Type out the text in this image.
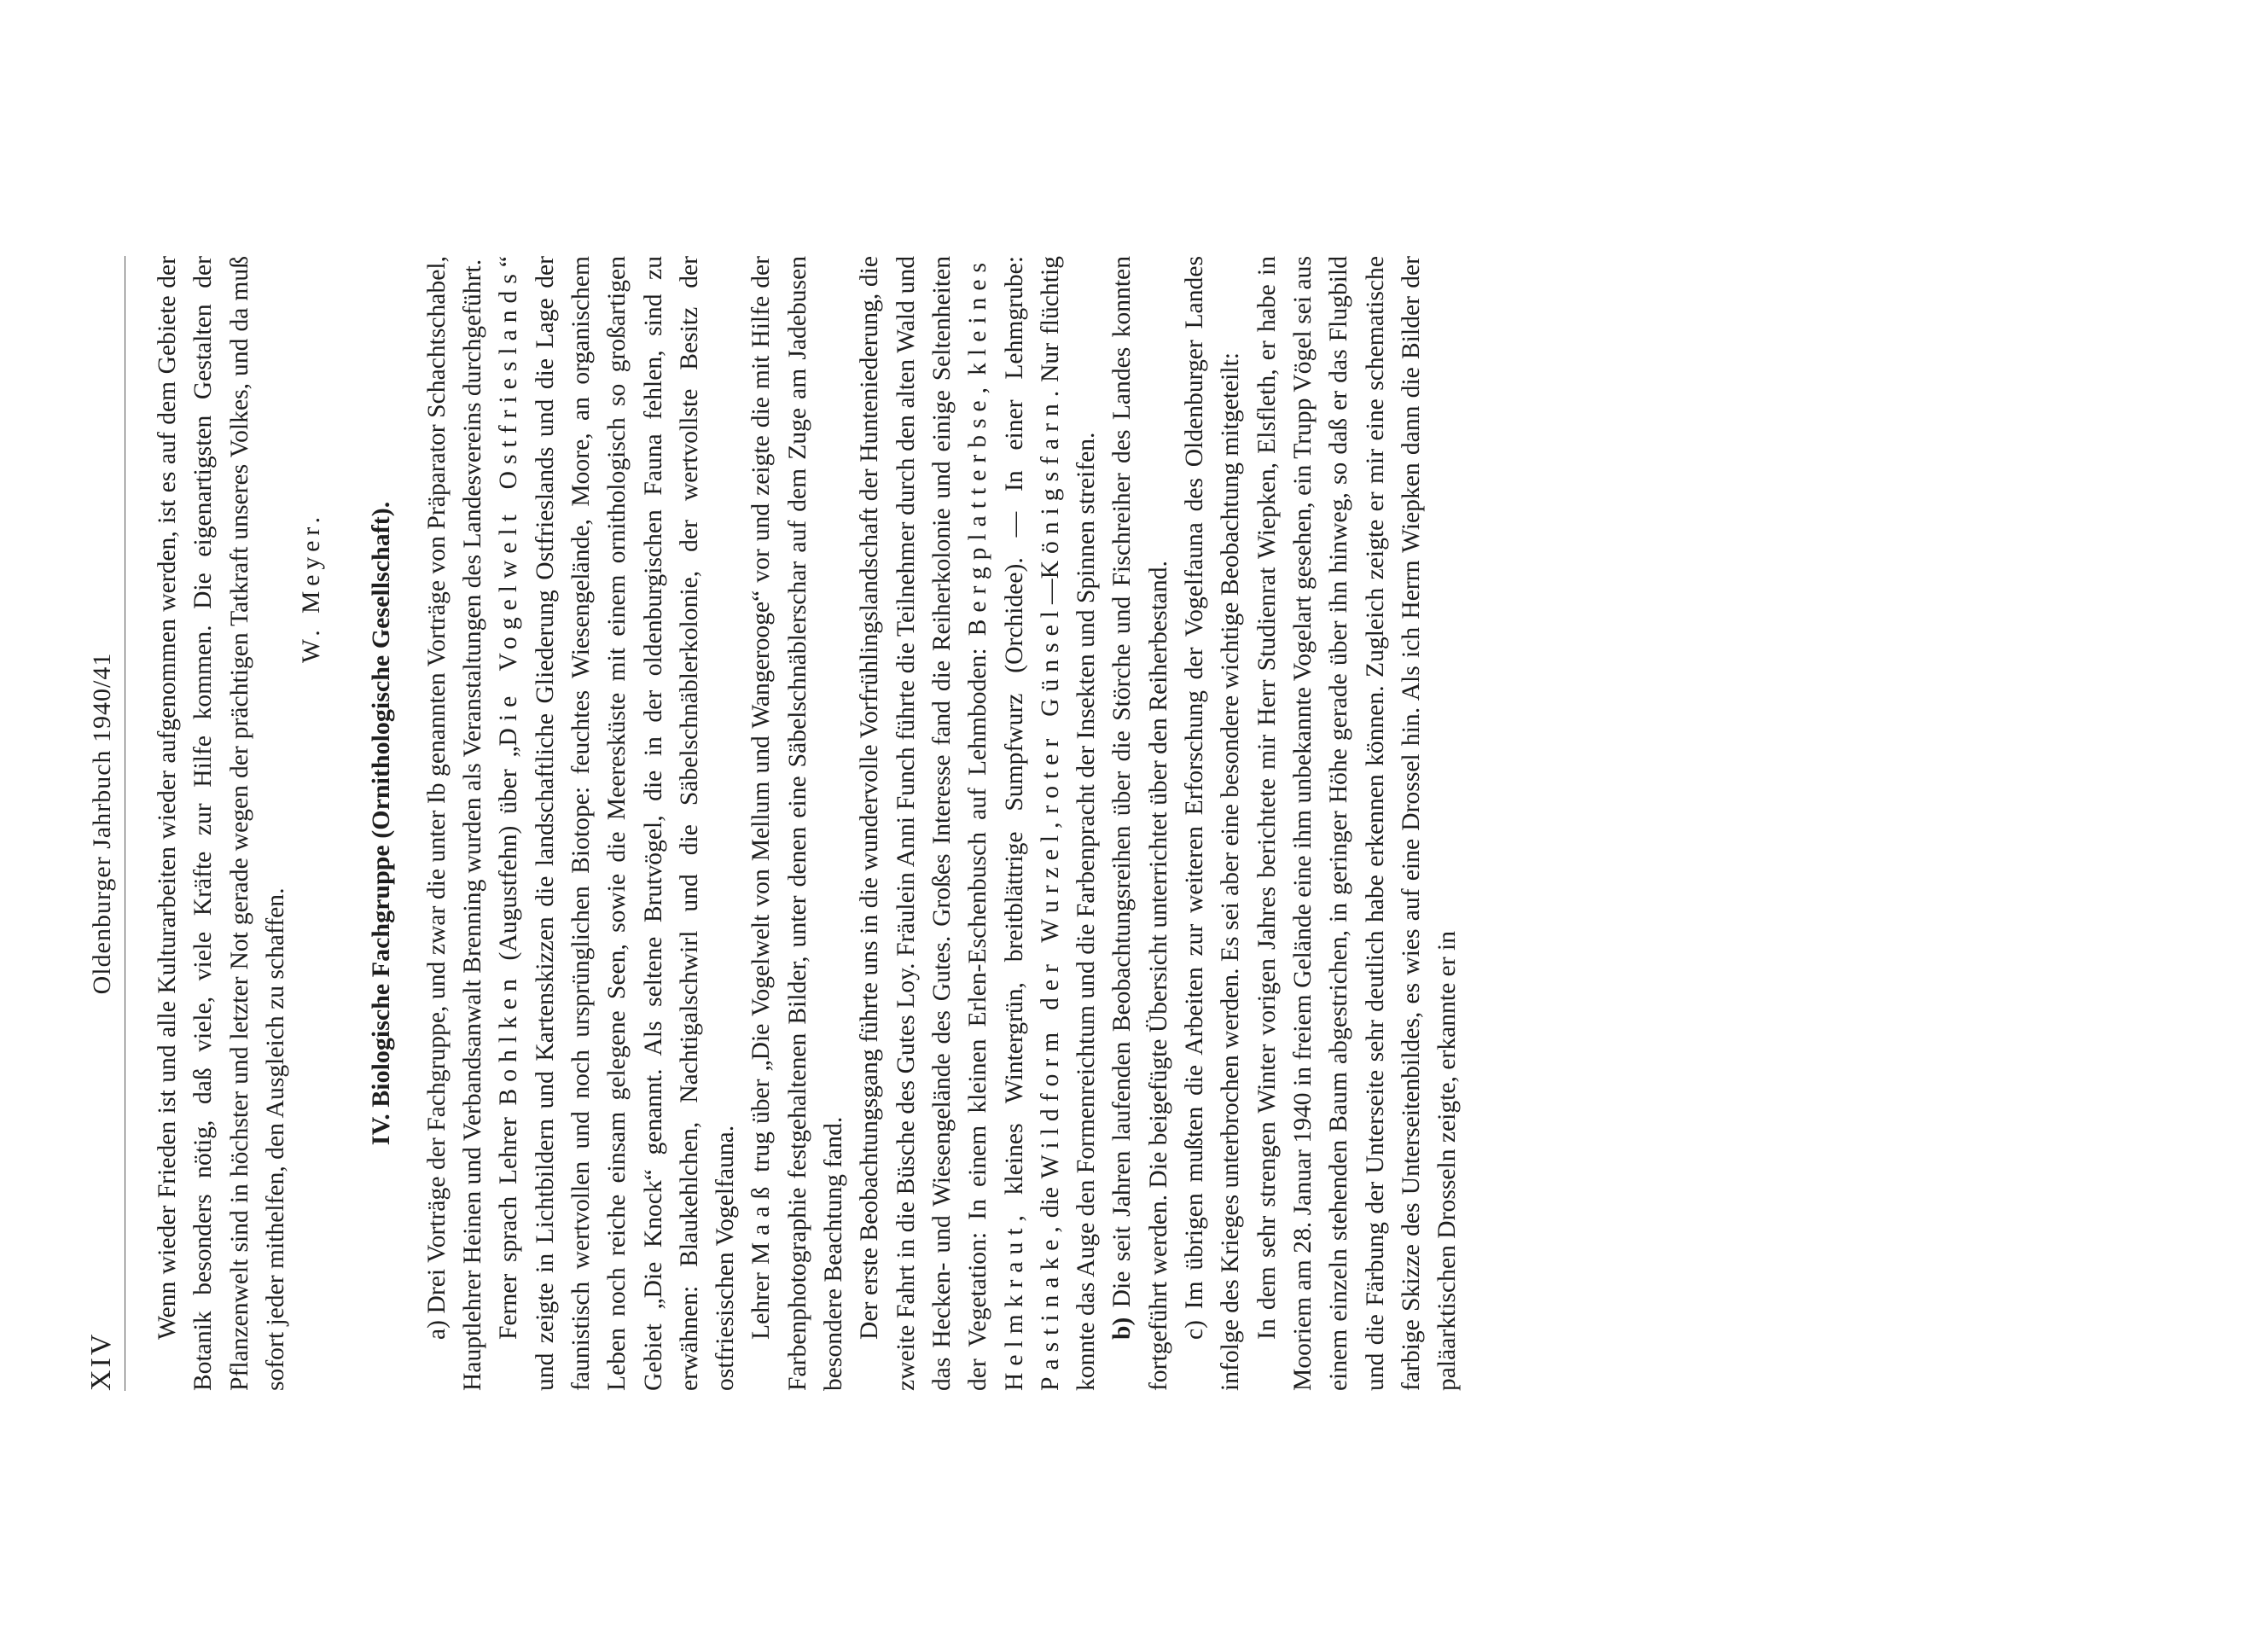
XIV
Oldenburger Jahrbuch 1940/41 Wenn wieder Frieden ist und alle Kulturarbeiten wieder aufgenommen werden, ist es auf dem Gebiete der Botanik besonders nötig, daß viele, viele Kräfte zur Hilfe kommen. Die eigenartigsten Gestalten der Pflanzenwelt sind in höchster und letzter Not gerade wegen der prächtigen Tatkraft unseres Volkes, und da muß sofort jeder mithelfen, den Ausgleich zu schaffen.

W. Meyer. IV. Biologische Fachgruppe (Ornithologische Gesellschaft).

a) Drei Vorträge der Fachgruppe, und zwar die unter Ib genannten Vorträge von Präparator Schachtschabel, Hauptlehrer Heinen und Verbandsanwalt Brenning wurden als Veranstaltungen des Landesvereins durchgeführt. Ferner sprach Lehrer Bohlken (Augustfehn) über „Die Vogelwelt Ostfrieslands“ und zeigte in Lichtbildern und Kartenskizzen die landschaftliche Gliederung Ostfrieslands und die Lage der faunistisch wertvollen und noch ursprünglichen Biotope: feuchtes Wiesengelände, Moore, an organischem Leben noch reiche einsam gelegene Seen, sowie die Meeresküste mit einem ornithologisch so großartigen Gebiet „Die Knock“ genannt. Als seltene Brutvögel, die in der oldenburgischen Fauna fehlen, sind zu erwähnen: Blaukehlchen, Nachtigalschwirl und die Säbelschnäblerkolonie, der wertvollste Besitz der ostfriesischen Vogelfauna. Lehrer Maaß trug über „Die Vogelwelt von Mellum und Wangerooge“ vor und zeigte die mit Hilfe der Farbenphotographie festgehaltenen Bilder, unter denen eine Säbelschnäblerschar auf dem Zuge am Jadebusen besondere Beachtung fand. Der erste Beobachtungsgang führte uns in die wundervolle Vorfrühlingslandschaft der Hunteniederung, die zweite Fahrt in die Büsche des Gutes Loy. Fräulein Anni Funch führte die Teilnehmer durch den alten Wald und das Hecken- und Wiesengelände des Gutes. Großes Interesse fand die Reiherkolonie und einige Seltenheiten der Vegetation: In einem kleinen Erlen-Eschenbusch auf Lehmboden: Bergplatterbse, kleines Helmkraut, kleines Wintergrün, breitblättrige Sumpfwurz (Orchidee). — In einer Lehmgrube: Pastinake, die Wildform der Wurzel, roter Günsel—Königsfarn. Nur flüchtig konnte das Auge den Formenreichtum und die Farbenpracht der Insekten und Spinnen streifen. b) Die seit Jahren laufenden Beobachtungsreihen über die Störche und Fischreiher des Landes konnten fortgeführt werden. Die beigefügte Übersicht unterrichtet über den Reiherbestand. c) Im übrigen mußten die Arbeiten zur weiteren Erforschung der Vogelfauna des Oldenburger Landes infolge des Krieges unterbrochen werden. Es sei aber eine besondere wichtige Beobachtung mitgeteilt: In dem sehr strengen Winter vorigen Jahres berichtete mir Herr Studienrat Wiepken, Elsfleth, er habe in Mooriem am 28. Januar 1940 in freiem Gelände eine ihm unbekannte Vogelart gesehen, ein Trupp Vögel sei aus einem einzeln stehenden Baum abgestrichen, in geringer Höhe gerade über ihn hinweg, so daß er das Flugbild und die Färbung der Unterseite sehr deutlich habe erkennen können. Zugleich zeigte er mir eine schematische farbige Skizze des Unterseitenbildes, es wies auf eine Drossel hin. Als ich Herrn Wiepken dann die Bilder der paläarktischen Drosseln zeigte, erkannte er in
